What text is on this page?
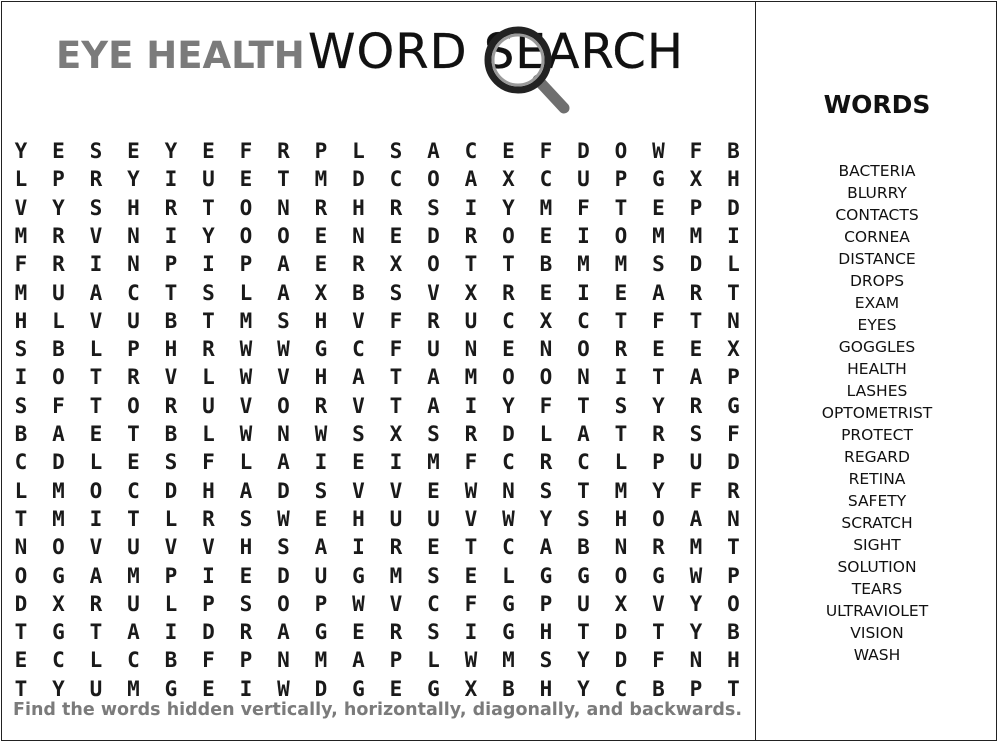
EYE HEALTH WORD SEARCH
Y	E	S	E	Y	E	F	R	P	L	S	A	C	E	F	D	O	W	F	B
L	P	R	Y	I	U	E	T	M	D	C	O	A	X	C	U	P	G	X	H
V	Y	S	H	R	T	O	N	R	H	R	S	I	Y	M	F	T	E	P	D
M	R	V	N	I	Y	O	O	E	N	E	D	R	O	E	I	O	M	M	I
F	R	I	N	P	I	P	A	E	R	X	O	T	T	B	M	M	S	D	L
M	U	A	C	T	S	L	A	X	B	S	V	X	R	E	I	E	A	R	T
H	L	V	U	B	T	M	S	H	V	F	R	U	C	X	C	T	F	T	N
S	B	L	P	H	R	W	W	G	C	F	U	N	E	N	O	R	E	E	X
I	O	T	R	V	L	W	V	H	A	T	A	M	O	O	N	I	T	A	P
S	F	T	O	R	U	V	O	R	V	T	A	I	Y	F	T	S	Y	R	G
B	A	E	T	B	L	W	N	W	S	X	S	R	D	L	A	T	R	S	F
C	D	L	E	S	F	L	A	I	E	I	M	F	C	R	C	L	P	U	D
L	M	O	C	D	H	A	D	S	V	V	E	W	N	S	T	M	Y	F	R
T	M	I	T	L	R	S	W	E	H	U	U	V	W	Y	S	H	O	A	N
N	O	V	U	V	V	H	S	A	I	R	E	T	C	A	B	N	R	M	T
O	G	A	M	P	I	E	D	U	G	M	S	E	L	G	G	O	G	W	P
D	X	R	U	L	P	S	O	P	W	V	C	F	G	P	U	X	V	Y	O
T	G	T	A	I	D	R	A	G	E	R	S	I	G	H	T	D	T	Y	B
E	C	L	C	B	F	P	N	M	A	P	L	W	M	S	Y	D	F	N	H
T	Y	U	M	G	E	I	W	D	G	E	G	X	B	H	Y	C	B	P	T
Find the words hidden vertically, horizontally, diagonally, and backwards.
WORDS
BACTERIA
BLURRY
CONTACTS
CORNEA
DISTANCE
DROPS
EXAM
EYES
GOGGLES
HEALTH
LASHES
OPTOMETRIST
PROTECT
REGARD
RETINA
SAFETY
SCRATCH
SIGHT
SOLUTION
TEARS
ULTRAVIOLET
VISION
WASH
